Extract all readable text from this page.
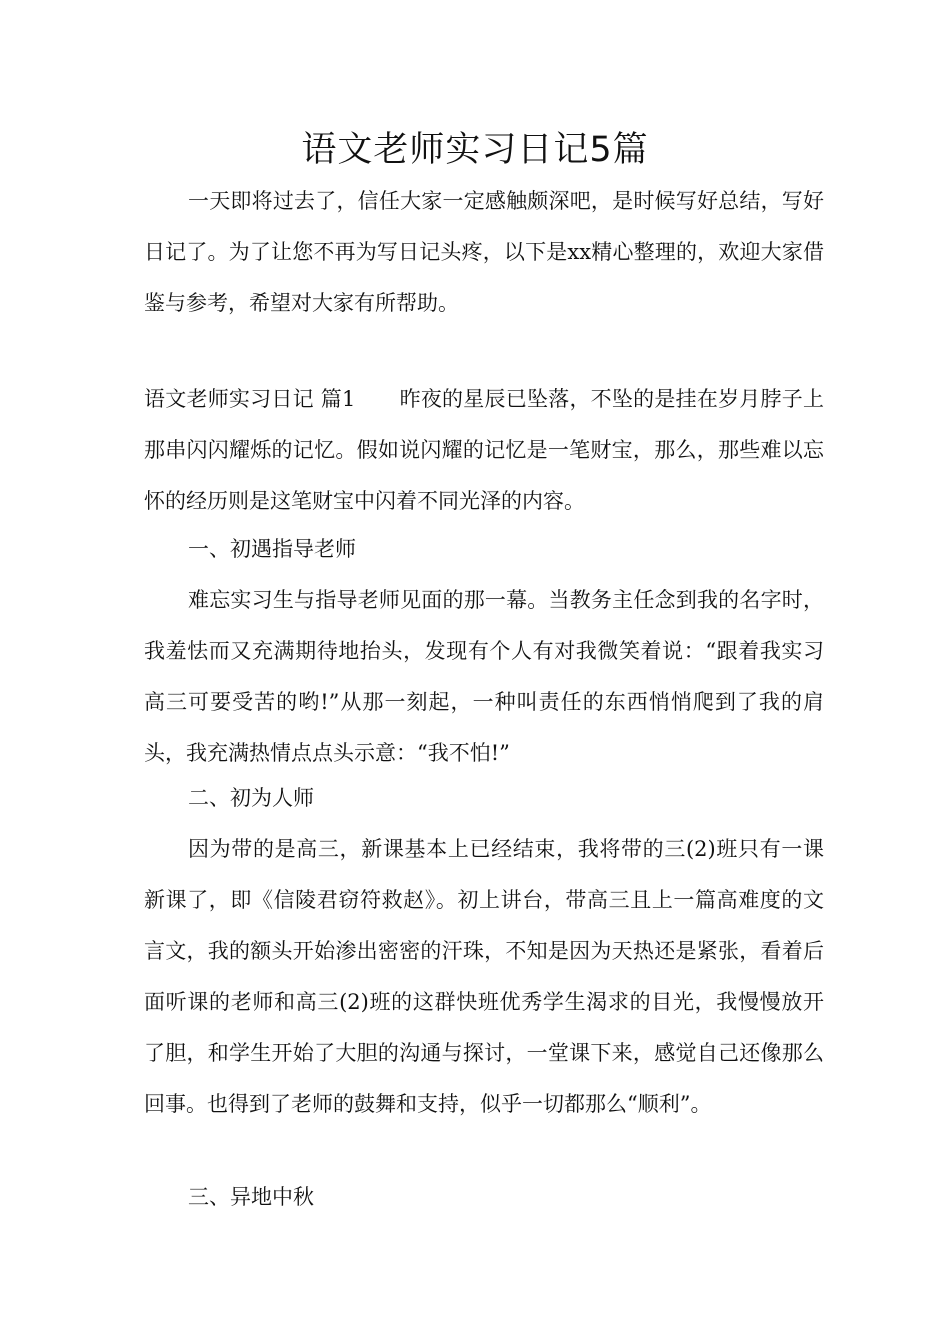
语文老师实习日记5篇

一天即将过去了，信任大家一定感触颇深吧，是时候写好总结，写好日记了。为了让您不再为写日记头疼，以下是xx精心整理的，欢迎大家借鉴与参考，希望对大家有所帮助。

语文老师实习日记 篇1 昨夜的星辰已坠落，不坠的是挂在岁月脖子上那串闪闪耀烁的记忆。假如说闪耀的记忆是一笔财宝，那么，那些难以忘怀的经历则是这笔财宝中闪着不同光泽的内容。

一、初遇指导老师

难忘实习生与指导老师见面的那一幕。当教务主任念到我的名字时，我羞怯而又充满期待地抬头，发现有个人有对我微笑着说：“跟着我实习高三可要受苦的哟!”从那一刻起，一种叫责任的东西悄悄爬到了我的肩头，我充满热情点点头示意：“我不怕!”

二、初为人师

因为带的是高三，新课基本上已经结束，我将带的三(2)班只有一课新课了，即《信陵君窃符救赵》。初上讲台，带高三且上一篇高难度的文言文，我的额头开始渗出密密的汗珠，不知是因为天热还是紧张，看着后面听课的老师和高三(2)班的这群快班优秀学生渴求的目光，我慢慢放开了胆，和学生开始了大胆的沟通与探讨，一堂课下来，感觉自己还像那么回事。也得到了老师的鼓舞和支持，似乎一切都那么“顺利”。

三、异地中秋
